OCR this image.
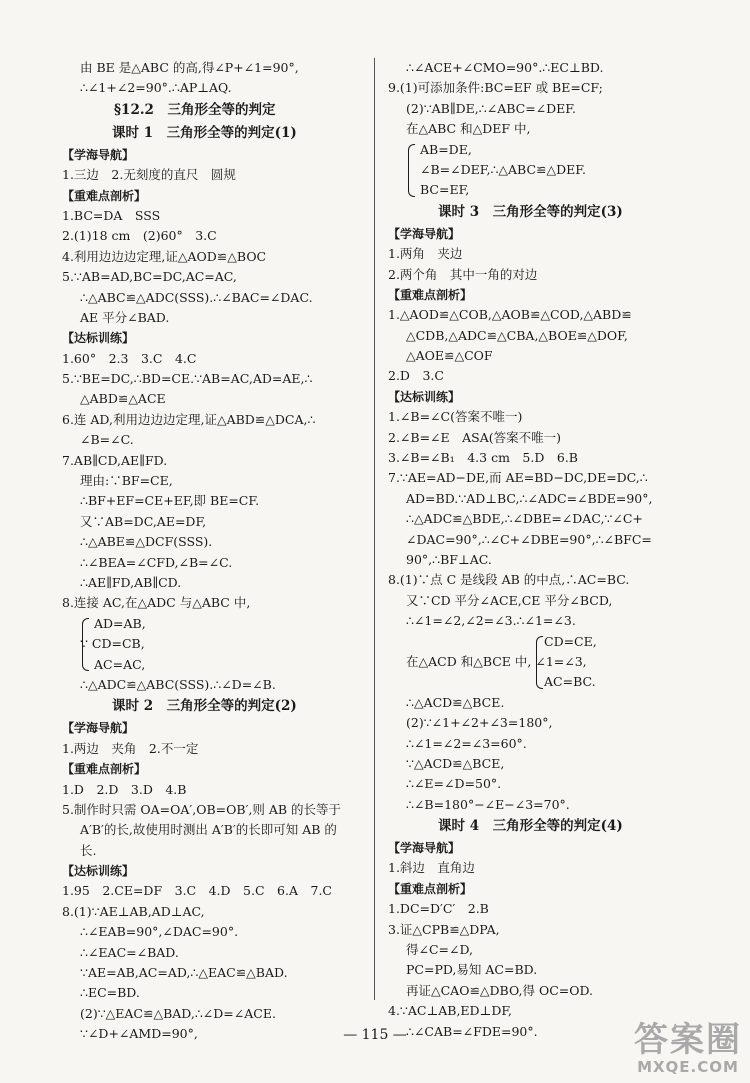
由 BE 是△ABC 的高,得∠P+∠1=90°,
∴∠1+∠2=90°.∴AP⊥AQ.
§12.2　三角形全等的判定
课时 1　三角形全等的判定(1)
【学海导航】
1.三边　2.无刻度的直尺　圆规
【重难点剖析】
1.BC=DA　SSS
2.(1)18 cm　(2)60°　3.C
4.利用边边边定理,证△AOD≌△BOC
5.∵AB=AD,BC=DC,AC=AC,
∴△ABC≌△ADC(SSS).∴∠BAC=∠DAC.
AE 平分∠BAD.
【达标训练】
1.60°　2.3　3.C　4.C
5.∵BE=DC,∴BD=CE.∵AB=AC,AD=AE,∴
△ABD≌△ACE
6.连 AD,利用边边边定理,证△ABD≌△DCA,∴
∠B=∠C.
7.AB∥CD,AE∥FD.
理由:∵BF=CE,
∴BF+EF=CE+EF,即 BE=CF.
又∵AB=DC,AE=DF,
∴△ABE≌△DCF(SSS).
∴∠BEA=∠CFD,∠B=∠C.
∴AE∥FD,AB∥CD.
8.连接 AC,在△ADC 与△ABC 中,
AD=AB,
∵ CD=CB,
AC=AC,
∴△ADC≌△ABC(SSS).∴∠D=∠B.
课时 2　三角形全等的判定(2)
【学海导航】
1.两边　夹角　2.不一定
【重难点剖析】
1.D　2.D　3.D　4.B
5.制作时只需 OA=OA′,OB=OB′,则 AB 的长等于
A′B′的长,故使用时测出 A′B′的长即可知 AB 的
长.
【达标训练】
1.95　2.CE=DF　3.C　4.D　5.C　6.A　7.C
8.(1)∵AE⊥AB,AD⊥AC,
∴∠EAB=90°,∠DAC=90°.
∴∠EAC=∠BAD.
∵AE=AB,AC=AD,∴△EAC≌△BAD.
∴EC=BD.
(2)∵△EAC≌△BAD,∴∠D=∠ACE.
∵∠D+∠AMD=90°,
∴∠ACE+∠CMO=90°.∴EC⊥BD.
9.(1)可添加条件:BC=EF 或 BE=CF;
(2)∵AB∥DE,∴∠ABC=∠DEF.
在△ABC 和△DEF 中,
AB=DE,
∠B=∠DEF,∴△ABC≌△DEF.
BC=EF,
课时 3　三角形全等的判定(3)
【学海导航】
1.两角　夹边
2.两个角　其中一角的对边
【重难点剖析】
1.△AOD≌△COB,△AOB≌△COD,△ABD≌
△CDB,△ADC≌△CBA,△BOE≌△DOF,
△AOE≌△COF
2.D　3.C
【达标训练】
1.∠B=∠C(答案不唯一)
2.∠B=∠E　ASA(答案不唯一)
3.∠B=∠B₁　4.3 cm　5.D　6.B
7.∵AE=AD−DE,而 AE=BD−DC,DE=DC,∴
AD=BD.∵AD⊥BC,∴∠ADC=∠BDE=90°,
∴△ADC≌△BDE,∴∠DBE=∠DAC,∵∠C+
∠DAC=90°,∴∠C+∠DBE=90°,∴∠BFC=
90°,∴BF⊥AC.
8.(1)∵点 C 是线段 AB 的中点,∴AC=BC.
又∵CD 平分∠ACE,CE 平分∠BCD,
∴∠1=∠2,∠2=∠3.∴∠1=∠3.
CD=CE,
在△ACD 和△BCE 中, ∠1=∠3,
AC=BC.
∴△ACD≌△BCE.
(2)∵∠1+∠2+∠3=180°,
∴∠1=∠2=∠3=60°.
∵△ACD≌△BCE,
∴∠E=∠D=50°.
∴∠B=180°−∠E−∠3=70°.
课时 4　三角形全等的判定(4)
【学海导航】
1.斜边　直角边
【重难点剖析】
1.DC=D′C′　2.B
3.证△CPB≌△DPA,
得∠C=∠D,
PC=PD,易知 AC=BD.
再证△CAO≌△DBO,得 OC=OD.
4.∵AC⊥AB,ED⊥DF,
∴∠CAB=∠FDE=90°.
— 115 —	答案圈
MXQE.COM
